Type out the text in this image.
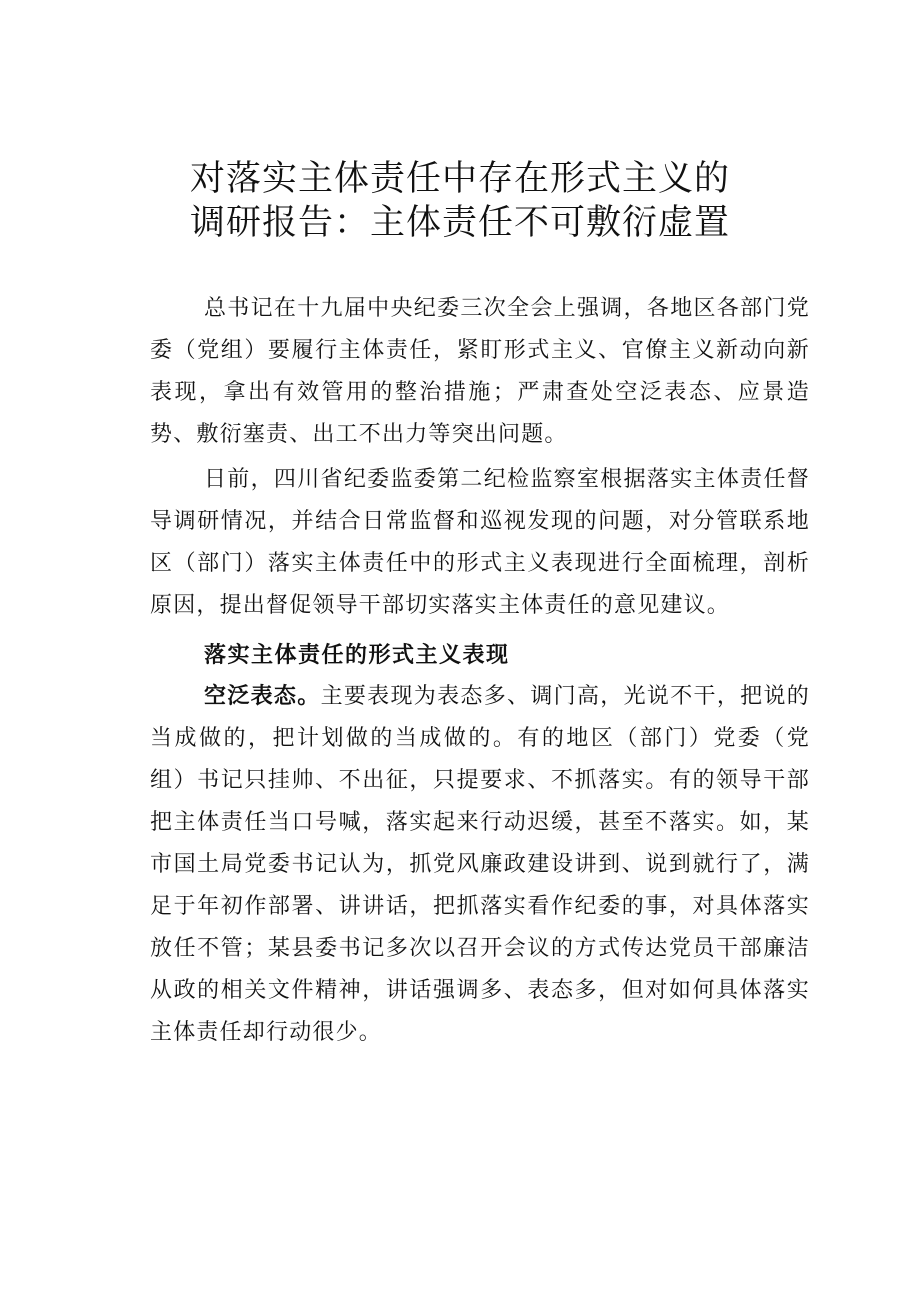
对落实主体责任中存在形式主义的
调研报告：主体责任不可敷衍虚置
总书记在十九届中央纪委三次全会上强调，各地区各部门党委（党组）要履行主体责任，紧盯形式主义、官僚主义新动向新表现，拿出有效管用的整治措施；严肃查处空泛表态、应景造势、敷衍塞责、出工不出力等突出问题。
日前，四川省纪委监委第二纪检监察室根据落实主体责任督导调研情况，并结合日常监督和巡视发现的问题，对分管联系地区（部门）落实主体责任中的形式主义表现进行全面梳理，剖析原因，提出督促领导干部切实落实主体责任的意见建议。
落实主体责任的形式主义表现
空泛表态。主要表现为表态多、调门高，光说不干，把说的当成做的，把计划做的当成做的。有的地区（部门）党委（党组）书记只挂帅、不出征，只提要求、不抓落实。有的领导干部把主体责任当口号喊，落实起来行动迟缓，甚至不落实。如，某市国土局党委书记认为，抓党风廉政建设讲到、说到就行了，满足于年初作部署、讲讲话，把抓落实看作纪委的事，对具体落实放任不管；某县委书记多次以召开会议的方式传达党员干部廉洁从政的相关文件精神，讲话强调多、表态多，但对如何具体落实主体责任却行动很少。
